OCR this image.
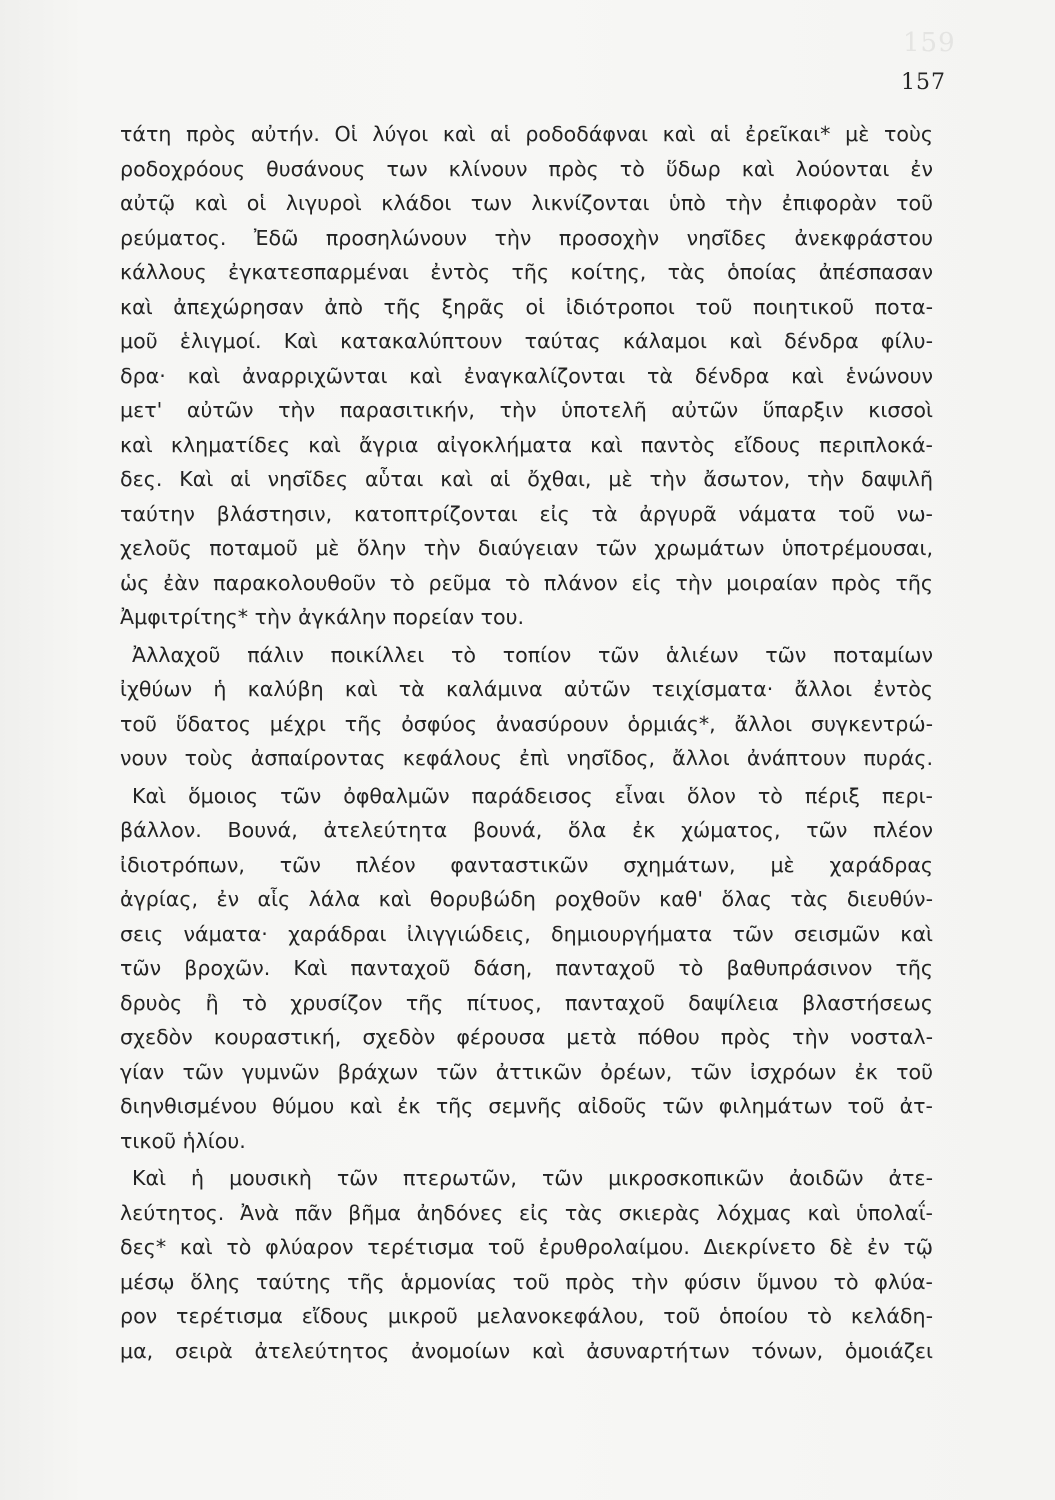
159
157
τάτη πρὸς αὐτήν. Οἱ λύγοι καὶ αἱ ροδοδάφναι καὶ αἱ ἐρεῖκαι* μὲ τοὺς
ροδοχρόους θυσάνους των κλίνουν πρὸς τὸ ὕδωρ καὶ λούονται ἐν
αὐτῷ καὶ οἱ λιγυροὶ κλάδοι των λικνίζονται ὑπὸ τὴν ἐπιφορὰν τοῦ
ρεύματος. Ἐδῶ προσηλώνουν τὴν προσοχὴν νησῖδες ἀνεκφράστου
κάλλους ἐγκατεσπαρμέναι ἐντὸς τῆς κοίτης, τὰς ὁποίας ἀπέσπασαν
καὶ ἀπεχώρησαν ἀπὸ τῆς ξηρᾶς οἱ ἰδιότροποι τοῦ ποιητικοῦ ποτα-
μοῦ ἑλιγμοί. Καὶ κατακαλύπτουν ταύτας κάλαμοι καὶ δένδρα φίλυ-
δρα· καὶ ἀναρριχῶνται καὶ ἐναγκαλίζονται τὰ δένδρα καὶ ἑνώνουν
μετ' αὐτῶν τὴν παρασιτικήν, τὴν ὑποτελῆ αὐτῶν ὕπαρξιν κισσοὶ
καὶ κληματίδες καὶ ἄγρια αἰγοκλήματα καὶ παντὸς εἴδους περιπλοκά-
δες. Καὶ αἱ νησῖδες αὗται καὶ αἱ ὄχθαι, μὲ τὴν ἄσωτον, τὴν δαψιλῆ
ταύτην βλάστησιν, κατοπτρίζονται εἰς τὰ ἀργυρᾶ νάματα τοῦ νω-
χελοῦς ποταμοῦ μὲ ὅλην τὴν διαύγειαν τῶν χρωμάτων ὑποτρέμουσαι,
ὡς ἐὰν παρακολουθοῦν τὸ ρεῦμα τὸ πλάνον εἰς τὴν μοιραίαν πρὸς τῆς
Ἀμφιτρίτης* τὴν ἀγκάλην πορείαν του.
Ἀλλαχοῦ πάλιν ποικίλλει τὸ τοπίον τῶν ἁλιέων τῶν ποταμίων
ἰχθύων ἡ καλύβη καὶ τὰ καλάμινα αὐτῶν τειχίσματα· ἄλλοι ἐντὸς
τοῦ ὕδατος μέχρι τῆς ὀσφύος ἀνασύρουν ὁρμιάς*, ἄλλοι συγκεντρώ-
νουν τοὺς ἀσπαίροντας κεφάλους ἐπὶ νησῖδος, ἄλλοι ἀνάπτουν πυράς.
Καὶ ὅμοιος τῶν ὀφθαλμῶν παράδεισος εἶναι ὅλον τὸ πέριξ περι-
βάλλον. Βουνά, ἀτελεύτητα βουνά, ὅλα ἐκ χώματος, τῶν πλέον
ἰδιοτρόπων, τῶν πλέον φανταστικῶν σχημάτων, μὲ χαράδρας
ἀγρίας, ἐν αἷς λάλα καὶ θορυβώδη ροχθοῦν καθ' ὅλας τὰς διευθύν-
σεις νάματα· χαράδραι ἰλιγγιώδεις, δημιουργήματα τῶν σεισμῶν καὶ
τῶν βροχῶν. Καὶ πανταχοῦ δάση, πανταχοῦ τὸ βαθυπράσινον τῆς
δρυὸς ἢ τὸ χρυσίζον τῆς πίτυος, πανταχοῦ δαψίλεια βλαστήσεως
σχεδὸν κουραστική, σχεδὸν φέρουσα μετὰ πόθου πρὸς τὴν νοσταλ-
γίαν τῶν γυμνῶν βράχων τῶν ἀττικῶν ὀρέων, τῶν ἰσχρόων ἐκ τοῦ
διηνθισμένου θύμου καὶ ἐκ τῆς σεμνῆς αἰδοῦς τῶν φιλημάτων τοῦ ἀτ-
τικοῦ ἡλίου.
Καὶ ἡ μουσικὴ τῶν πτερωτῶν, τῶν μικροσκοπικῶν ἀοιδῶν ἀτε-
λεύτητος. Ἀνὰ πᾶν βῆμα ἀηδόνες εἰς τὰς σκιερὰς λόχμας καὶ ὑπολαΐ-
δες* καὶ τὸ φλύαρον τερέτισμα τοῦ ἐρυθρολαίμου. Διεκρίνετο δὲ ἐν τῷ
μέσῳ ὅλης ταύτης τῆς ἁρμονίας τοῦ πρὸς τὴν φύσιν ὕμνου τὸ φλύα-
ρον τερέτισμα εἴδους μικροῦ μελανοκεφάλου, τοῦ ὁποίου τὸ κελάδη-
μα, σειρὰ ἀτελεύτητος ἀνομοίων καὶ ἀσυναρτήτων τόνων, ὁμοιάζει
